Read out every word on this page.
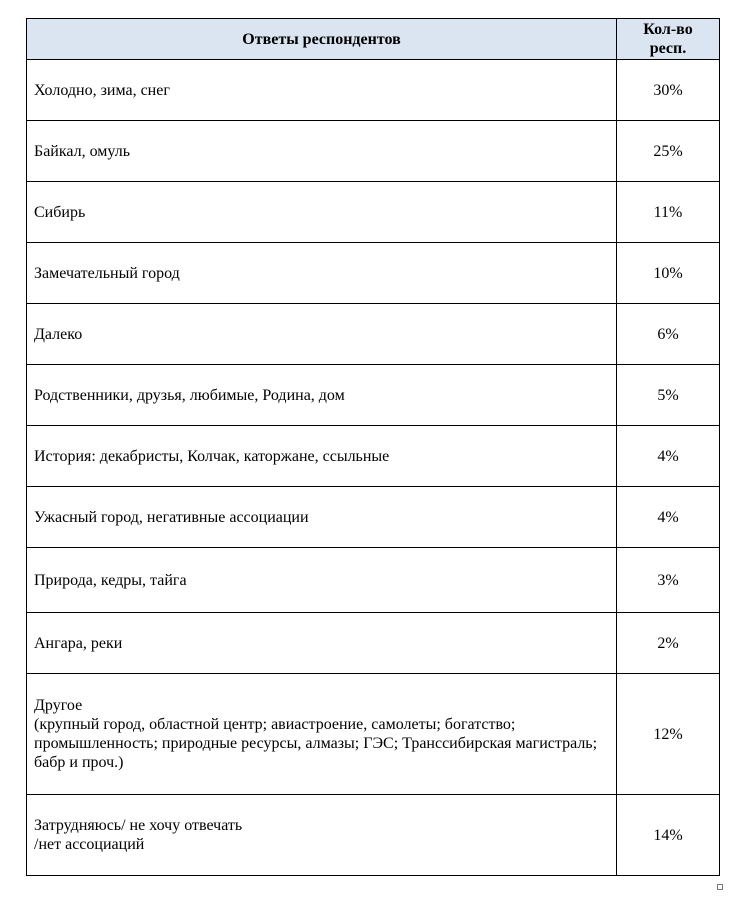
Ответы респондентов	Кол-во респ.

Холодно, зима, снег	30%

Байкал, омуль	25%

Сибирь	11%

Замечательный город	10%

Далеко	6%

Родственники, друзья, любимые, Родина, дом	5%

История: декабристы, Колчак, каторжане, ссыльные	4%

Ужасный город, негативные ассоциации	4%

Природа, кедры, тайга	3%

Ангара, реки	2%

Другое
(крупный город, областной центр; авиастроение, самолеты; богатство; промышленность; природные ресурсы, алмазы; ГЭС; Транссибирская магистраль; бабр и проч.)	12%

Затрудняюсь/ не хочу отвечать
/нет ассоциаций	14%
